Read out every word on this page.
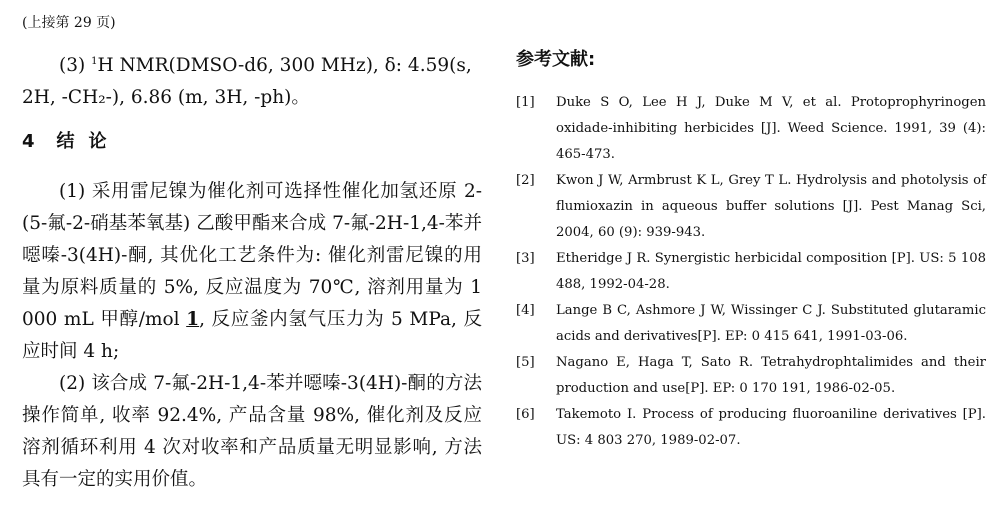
(上接第 29 页)

(3) $^1$H NMR(DMSO-d6, 300 MHz), δ: 4.59(s,

2H, -CH₂-), 6.86 (m, 3H, -ph)。

4 结论

(1) 采用雷尼镍为催化剂可选择性催化加氢还原 2-(5-氟-2-硝基苯氧基) 乙酸甲酯来合成 7-氟-2H-1,4-苯并噁嗪-3(4H)-酮, 其优化工艺条件为: 催化剂雷尼镍的用量为原料质量的 5%, 反应温度为 70℃, 溶剂用量为 1 000 mL 甲醇/mol 1, 反应釜内氢气压力为 5 MPa, 反应时间 4 h;

(2) 该合成 7-氟-2H-1,4-苯并噁嗪-3(4H)-酮的方法操作简单, 收率 92.4%, 产品含量 98%, 催化剂及反应溶剂循环利用 4 次对收率和产品质量无明显影响, 方法具有一定的实用价值。

参考文献:

[1] Duke S O, Lee H J, Duke M V, et al. Protoprophyrinogen oxidade-inhibiting herbicides [J]. Weed Science. 1991, 39 (4): 465-473.

[2] Kwon J W, Armbrust K L, Grey T L. Hydrolysis and photolysis of flumioxazin in aqueous buffer solutions [J]. Pest Manag Sci, 2004, 60 (9): 939-943.

[3] Etheridge J R. Synergistic herbicidal composition [P]. US: 5 108 488, 1992-04-28.

[4] Lange B C, Ashmore J W, Wissinger C J. Substituted glutaramic acids and derivatives[P]. EP: 0 415 641, 1991-03-06.

[5] Nagano E, Haga T, Sato R. Tetrahydrophtalimides and their production and use[P]. EP: 0 170 191, 1986-02-05.

[6] Takemoto I. Process of producing fluoroaniline derivatives [P]. US: 4 803 270, 1989-02-07.
